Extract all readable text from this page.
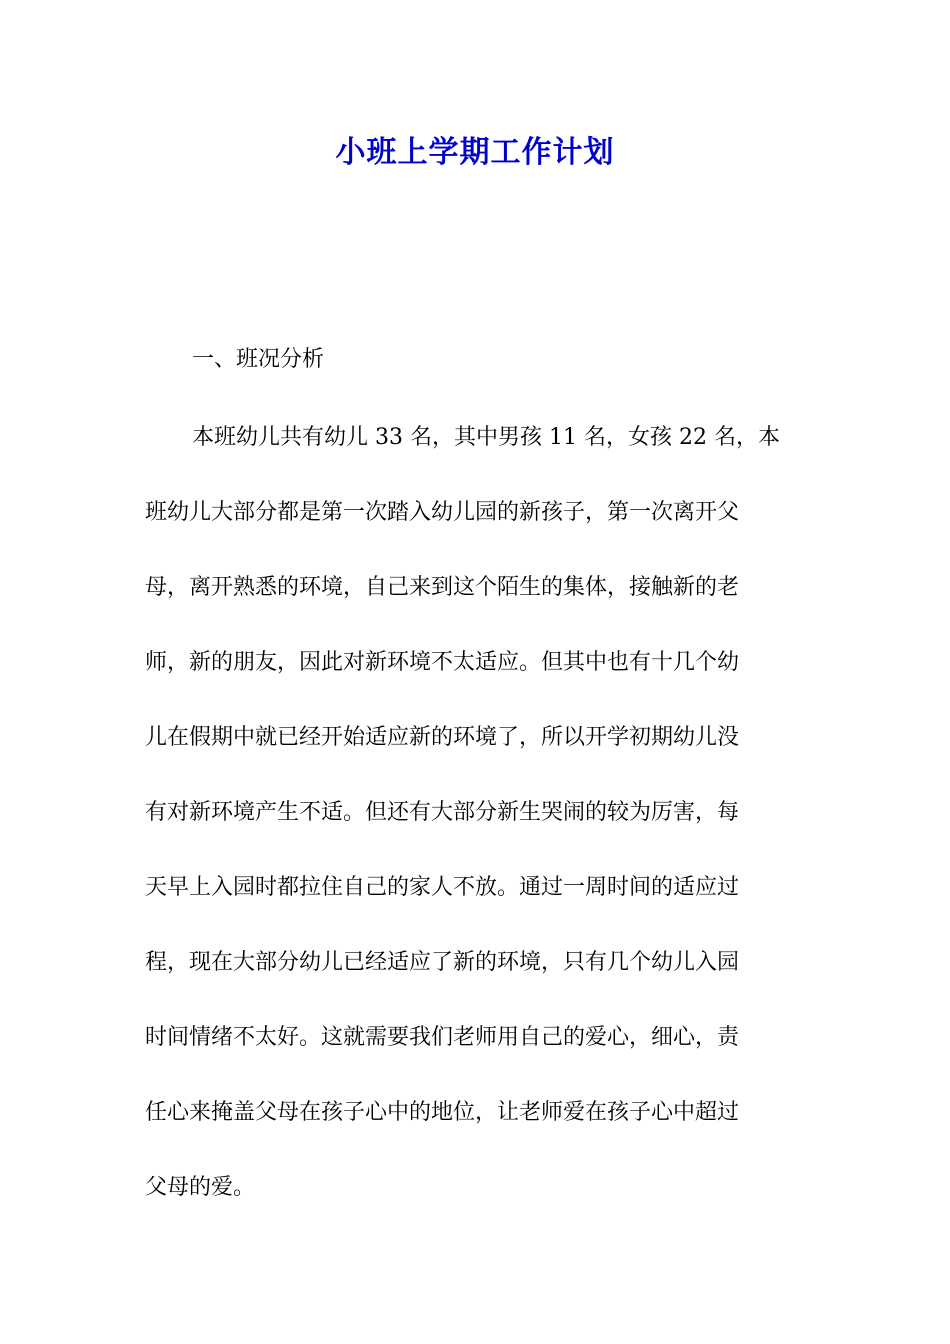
小班上学期工作计划
一、班况分析
本班幼儿共有幼儿 33 名，其中男孩 11 名，女孩 22 名，本
班幼儿大部分都是第一次踏入幼儿园的新孩子，第一次离开父
母，离开熟悉的环境，自己来到这个陌生的集体，接触新的老
师，新的朋友，因此对新环境不太适应。但其中也有十几个幼
儿在假期中就已经开始适应新的环境了，所以开学初期幼儿没
有对新环境产生不适。但还有大部分新生哭闹的较为厉害，每
天早上入园时都拉住自己的家人不放。通过一周时间的适应过
程，现在大部分幼儿已经适应了新的环境，只有几个幼儿入园
时间情绪不太好。这就需要我们老师用自己的爱心，细心，责
任心来掩盖父母在孩子心中的地位，让老师爱在孩子心中超过
父母的爱。
